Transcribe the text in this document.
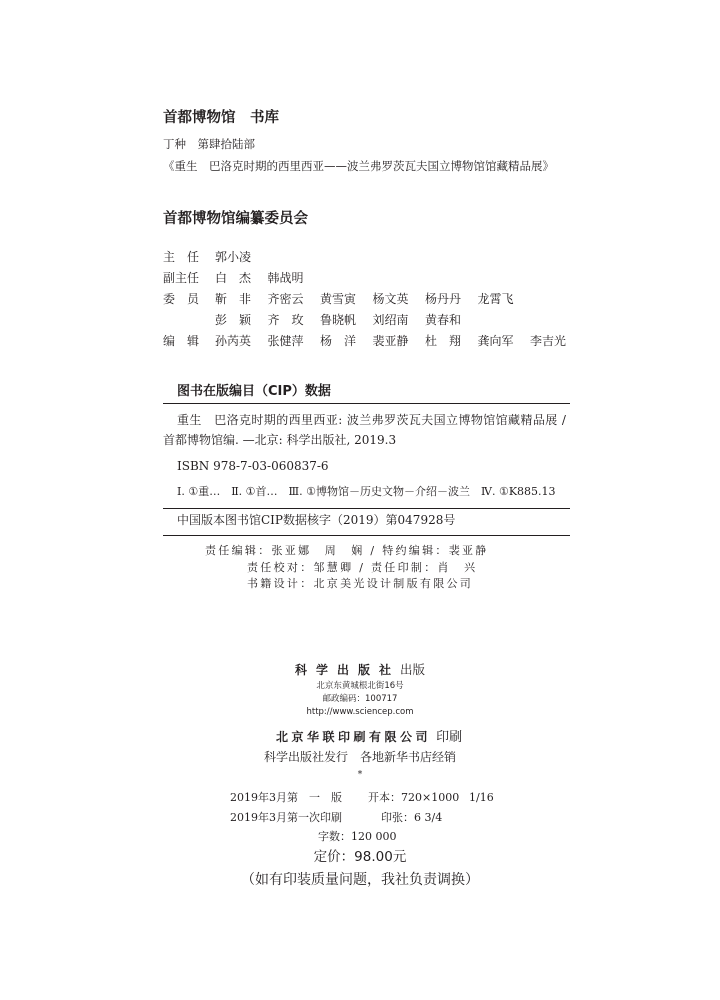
首都博物馆　书库
丁种　第肆拾陆部
《重生　巴洛克时期的西里西亚——波兰弗罗茨瓦夫国立博物馆馆藏精品展》
首都博物馆编纂委员会
主　任 郭小凌
副主任 白　杰 韩战明
委　员 靳　非 齐密云 黄雪寅 杨文英 杨丹丹 龙霄飞
彭　颖 齐　玫 鲁晓帆 刘绍南 黄春和
编　辑 孙芮英 张健萍 杨　洋 裴亚静 杜　翔 龚向军 李吉光
图书在版编目（CIP）数据
重生　巴洛克时期的西里西亚: 波兰弗罗茨瓦夫国立博物馆馆藏精品展 /
首都博物馆编. —北京: 科学出版社, 2019.3
ISBN 978-7-03-060837-6
Ⅰ. ①重…　Ⅱ. ①首…　Ⅲ. ①博物馆－历史文物－介绍－波兰　Ⅳ. ①K885.13
中国版本图书馆CIP数据核字（2019）第047928号
责任编辑：张亚娜　周　娴 / 特约编辑：裴亚静
责任校对：邹慧卿 / 责任印制：肖　兴
书籍设计：北京美光设计制版有限公司
科学出版社出版
北京东黄城根北街16号
邮政编码：100717
http://www.sciencep.com
北京华联印刷有限公司 印刷
科学出版社发行　各地新华书店经销
*
2019年3月第　一　版 开本：720×1000 1/16
2019年3月第一次印刷	印张：6 3/4
字数：120 000
定价：98.00元
（如有印装质量问题，我社负责调换）
